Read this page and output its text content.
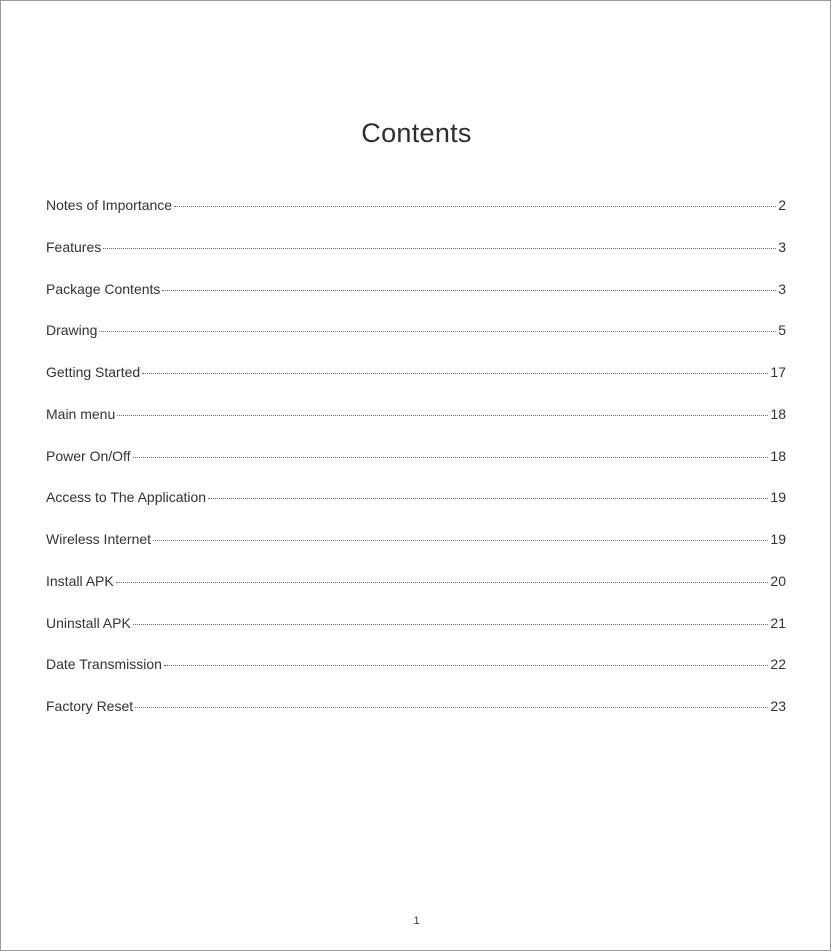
Contents
Notes of Importance	2
Features	3
Package Contents	3
Drawing	5
Getting Started	17
Main menu	18
Power On/Off	18
Access to The Application	19
Wireless Internet	19
Install APK	20
Uninstall APK	21
Date Transmission	22
Factory Reset	23
1
